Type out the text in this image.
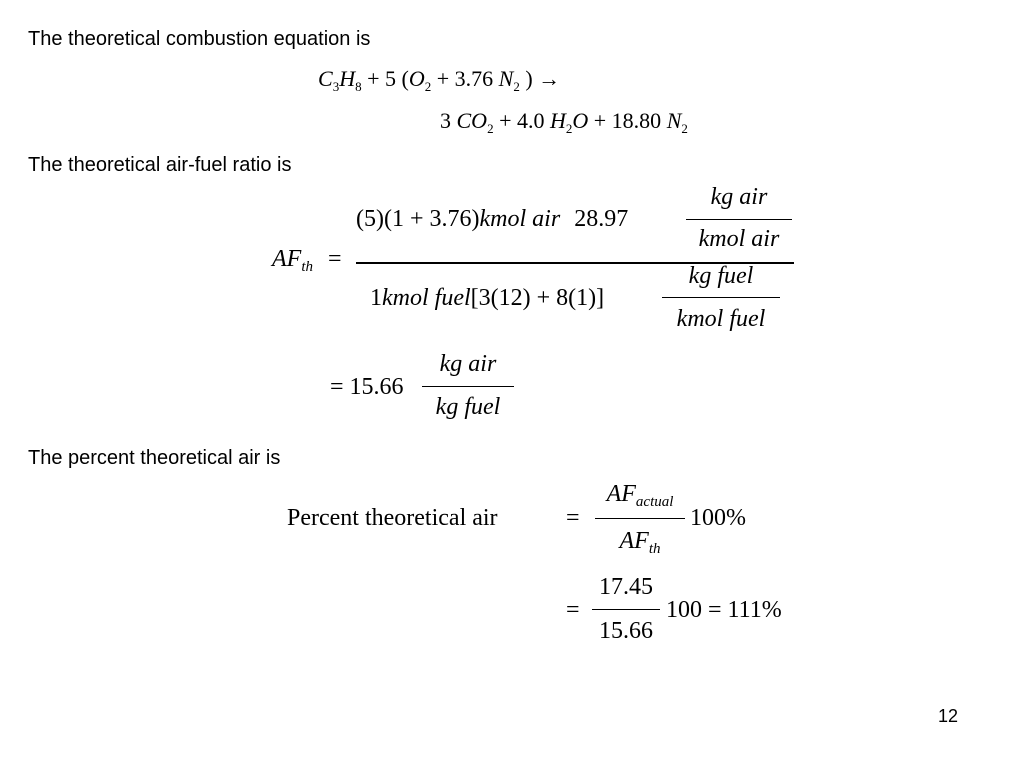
The theoretical combustion equation is
$C_3H_8 + 5$ ($O_2 + 3.76$ $N_2$ ) →
3 $CO_2 + 4.0$ $H_2O + 18.80$ $N_2$
The theoretical air-fuel ratio is
$AF_{th}$ =
(5)(1 + 3.76)kmol air 28.97
kg air
kmol air
1kmol fuel[3(12) + 8(1)]
kg fuel
kmol fuel
= 15.66
kg air
kg fuel
The percent theoretical air is
Percent theoretical air	=
$AF_{actual}$
$AF_{th}$
100%
=
17.45
15.66
100 = 111%
12
